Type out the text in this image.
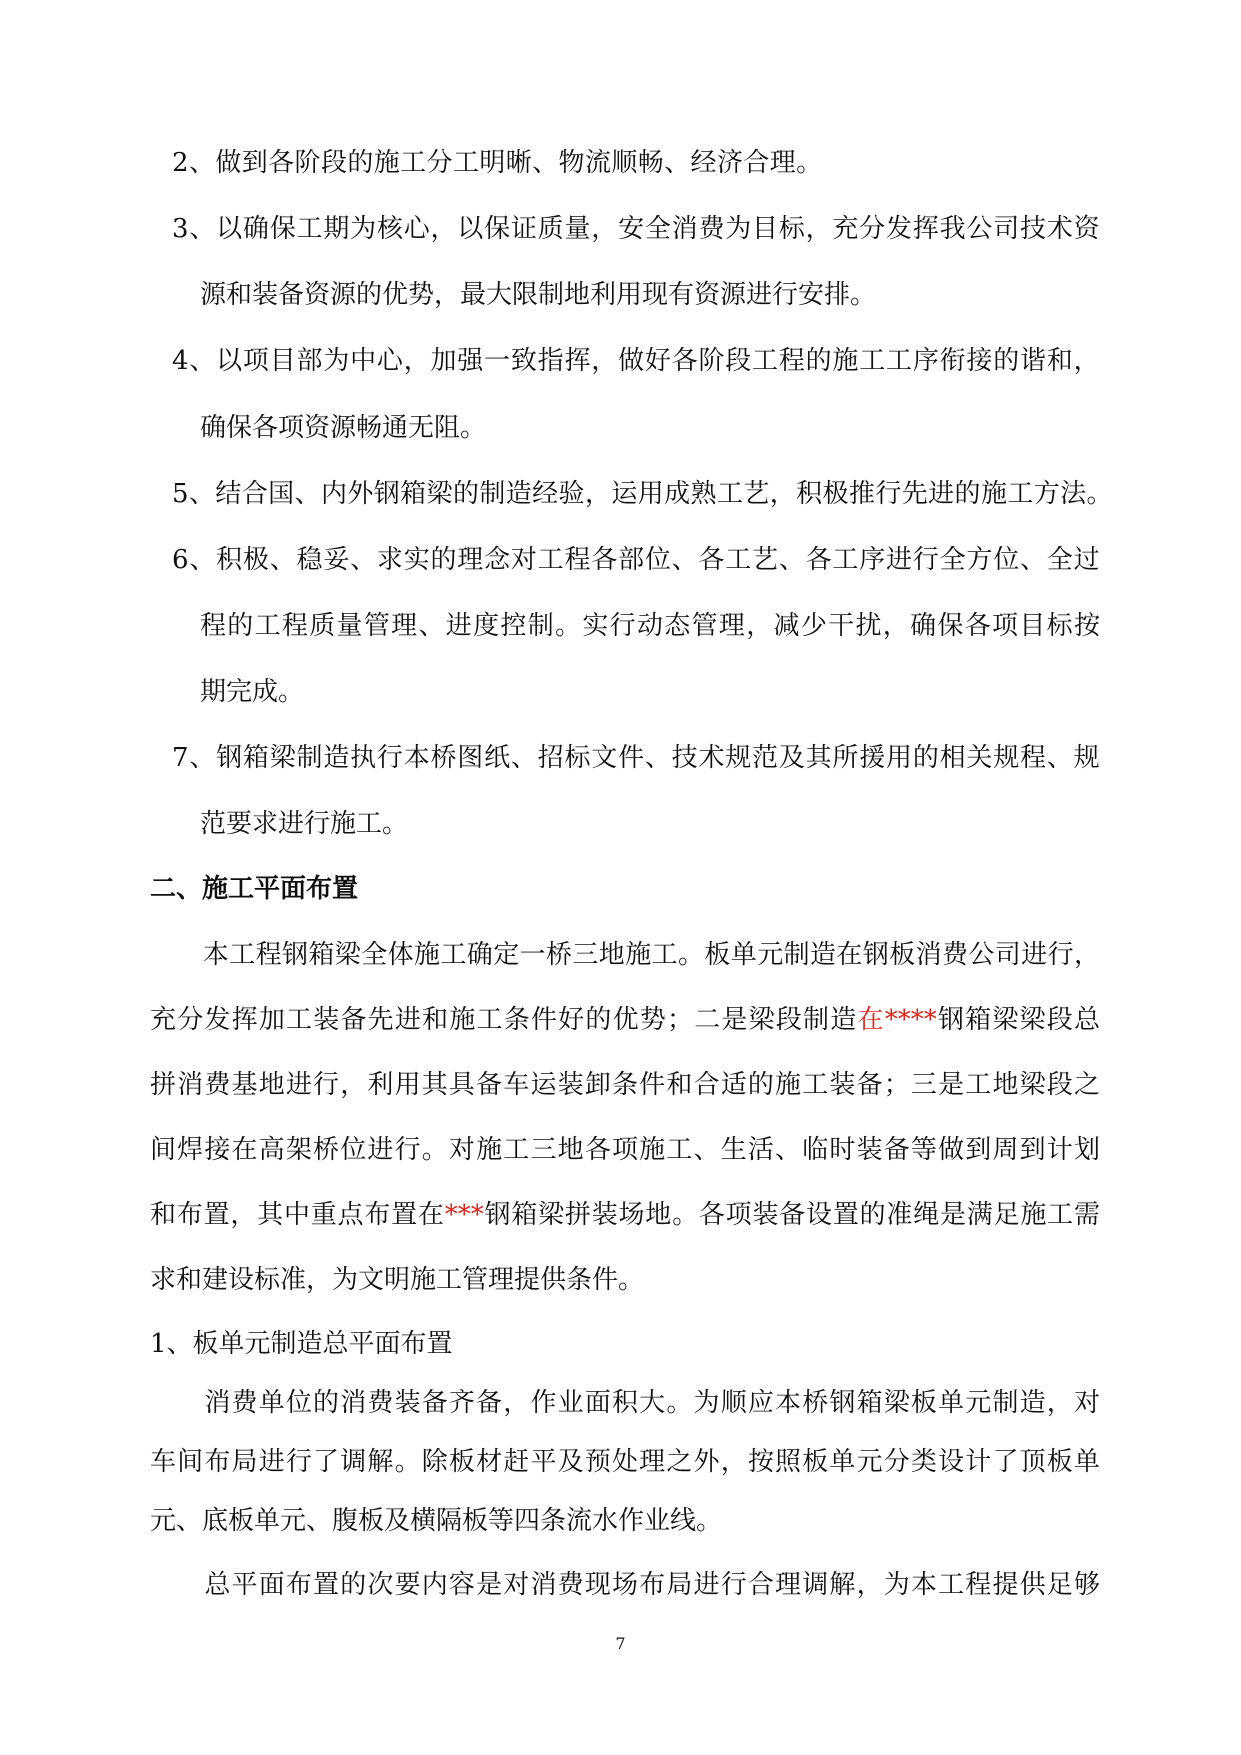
2、做到各阶段的施工分工明晰、物流顺畅、经济合理。
3、以确保工期为核心，以保证质量，安全消费为目标，充分发挥我公司技术资
源和装备资源的优势，最大限制地利用现有资源进行安排。
4、以项目部为中心，加强一致指挥，做好各阶段工程的施工工序衔接的谐和，
确保各项资源畅通无阻。
5、结合国、内外钢箱梁的制造经验，运用成熟工艺，积极推行先进的施工方法。
6、积极、稳妥、求实的理念对工程各部位、各工艺、各工序进行全方位、全过
程的工程质量管理、进度控制。实行动态管理，减少干扰，确保各项目标按
期完成。
7、钢箱梁制造执行本桥图纸、招标文件、技术规范及其所援用的相关规程、规
范要求进行施工。
二、施工平面布置
　　本工程钢箱梁全体施工确定一桥三地施工。板单元制造在钢板消费公司进行，
充分发挥加工装备先进和施工条件好的优势；二是梁段制造在****钢箱梁梁段总
拼消费基地进行，利用其具备车运装卸条件和合适的施工装备；三是工地梁段之
间焊接在高架桥位进行。对施工三地各项施工、生活、临时装备等做到周到计划
和布置，其中重点布置在***钢箱梁拼装场地。各项装备设置的准绳是满足施工需
求和建设标准，为文明施工管理提供条件。
1、板单元制造总平面布置
　　消费单位的消费装备齐备，作业面积大。为顺应本桥钢箱梁板单元制造，对
车间布局进行了调解。除板材赶平及预处理之外，按照板单元分类设计了顶板单
元、底板单元、腹板及横隔板等四条流水作业线。
　　总平面布置的次要内容是对消费现场布局进行合理调解，为本工程提供足够
7
